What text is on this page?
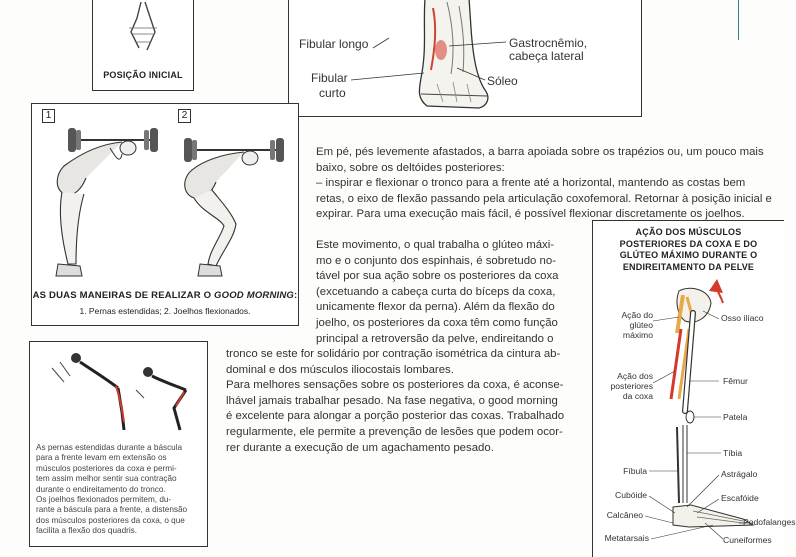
POSIÇÃO INICIAL
Fibular longo
Fibular
curto
Gastrocnêmio,
cabeça lateral
Sóleo
1	2
AS DUAS MANEIRAS DE REALIZAR O GOOD MORNING:
1. Pernas estendidas; 2. Joelhos flexionados.

Em pé, pés levemente afastados, a barra apoiada sobre os trapézios ou, um pouco mais baixo, sobre os deltóides posteriores:

– inspirar e flexionar o tronco para a frente até a horizontal, mantendo as costas bem retas, o eixo de flexão passando pela articulação coxofemoral. Retornar à posição inicial e expirar. Para uma execução mais fácil, é possível flexionar discretamente os joelhos.

Este movimento, o qual trabalha o glúteo máxi-
mo e o conjunto dos espinhais, é sobretudo no-
tável por sua ação sobre os posteriores da coxa
(excetuando a cabeça curta do bíceps da coxa,
unicamente flexor da perna). Além da flexão do
joelho, os posteriores da coxa têm como função
principal a retroversão da pelve, endireitando o
tronco se este for solidário por contração isométrica da cintura ab-
dominal e dos músculos iliocostais lombares.
Para melhores sensações sobre os posteriores da coxa, é aconse-
lhável jamais trabalhar pesado. Na fase negativa, o good morning
é excelente para alongar a porção posterior das coxas. Trabalhado
regularmente, ele permite a prevenção de lesões que podem ocor-
rer durante a execução de um agachamento pesado.
As pernas estendidas durante a báscula
para a frente levam em extensão os
músculos posteriores da coxa e permi-
tem assim melhor sentir sua contração
durante o endireitamento do tronco.
Os joelhos flexionados permitem, du-
rante a báscula para a frente, a distensão
dos músculos posteriores da coxa, o que
facilita a flexão dos quadris.
AÇÃO DOS MÚSCULOS
POSTERIORES DA COXA E DO
GLÚTEO MÁXIMO DURANTE O
ENDIREITAMENTO DA PELVE
Ação do
glúteo
máximo
Osso ilíaco
Ação dos
posteriores
da coxa
Fêmur
Patela
Tíbia
Fíbula	Astrágalo
Cubóide	Escafóide
Calcâneo
Podofalanges
Metatarsais	Cuneiformes
